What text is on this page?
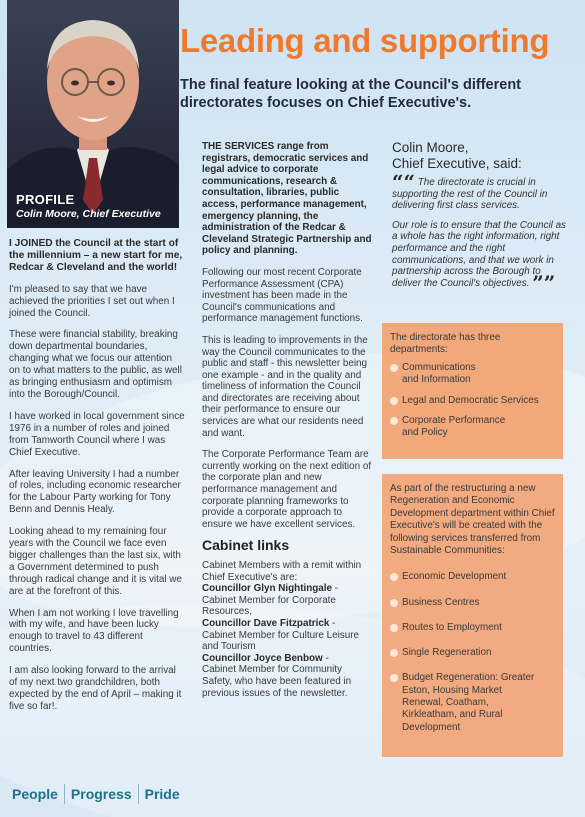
PROFILE
Colin Moore, Chief Executive
Leading and supporting
The final feature looking at the Council's different directorates focuses on Chief Executive's.

I JOINED the Council at the start of the millennium – a new start for me, Redcar & Cleveland and the world!

I'm pleased to say that we have achieved the priorities I set out when I joined the Council.

These were financial stability, breaking down departmental boundaries, changing what we focus our attention on to what matters to the public, as well as bringing enthusiasm and optimism into the Borough/Council.

I have worked in local government since 1976 in a number of roles and joined from Tamworth Council where I was Chief Executive.

After leaving University I had a number of roles, including economic researcher for the Labour Party working for Tony Benn and Dennis Healy.

Looking ahead to my remaining four years with the Council we face even bigger challenges than the last six, with a Government determined to push through radical change and it is vital we are at the forefront of this.

When I am not working I love travelling with my wife, and have been lucky enough to travel to 43 different countries.

I am also looking forward to the arrival of my next two grandchildren, both expected by the end of April – making it five so far!.

THE SERVICES range from registrars, democratic services and legal advice to corporate communications, research & consultation, libraries, public access, performance management, emergency planning, the administration of the Redcar & Cleveland Strategic Partnership and policy and planning.

Following our most recent Corporate Performance Assessment (CPA) investment has been made in the Council's communications and performance management functions.

This is leading to improvements in the way the Council communicates to the public and staff - this newsletter being one example - and in the quality and timeliness of information the Council and directorates are receiving about their performance to ensure our services are what our residents need and want.

The Corporate Performance Team are currently working on the next edition of the corporate plan and new performance management and corporate planning frameworks to provide a corporate approach to ensure we have excellent services.

Cabinet links
Cabinet Members with a remit within Chief Executive's are:
Councillor Glyn Nightingale -
Cabinet Member for Corporate Resources,
Councillor Dave Fitzpatrick -
Cabinet Member for Culture Leisure and Tourism
Councillor Joyce Benbow -
Cabinet Member for Community Safety, who have been featured in previous issues of the newsletter.
Colin Moore,
Chief Executive, said:

““ The directorate is crucial in supporting the rest of the Council in delivering first class services.

Our role is to ensure that the Council as a whole has the right information, right performance and the right communications, and that we work in partnership across the Borough to deliver the Council's objectives. ””

The directorate has three departments:
Communications and Information
Legal and Democratic Services
Corporate Performance and Policy
As part of the restructuring a new Regeneration and Economic Development department within Chief Executive's will be created with the following services transferred from Sustainable Communities:
Economic Development
Business Centres
Routes to Employment
Single Regeneration
Budget Regeneration: Greater Eston, Housing Market Renewal, Coatham, Kirkleatham, and Rural Development
People Progress Pride
